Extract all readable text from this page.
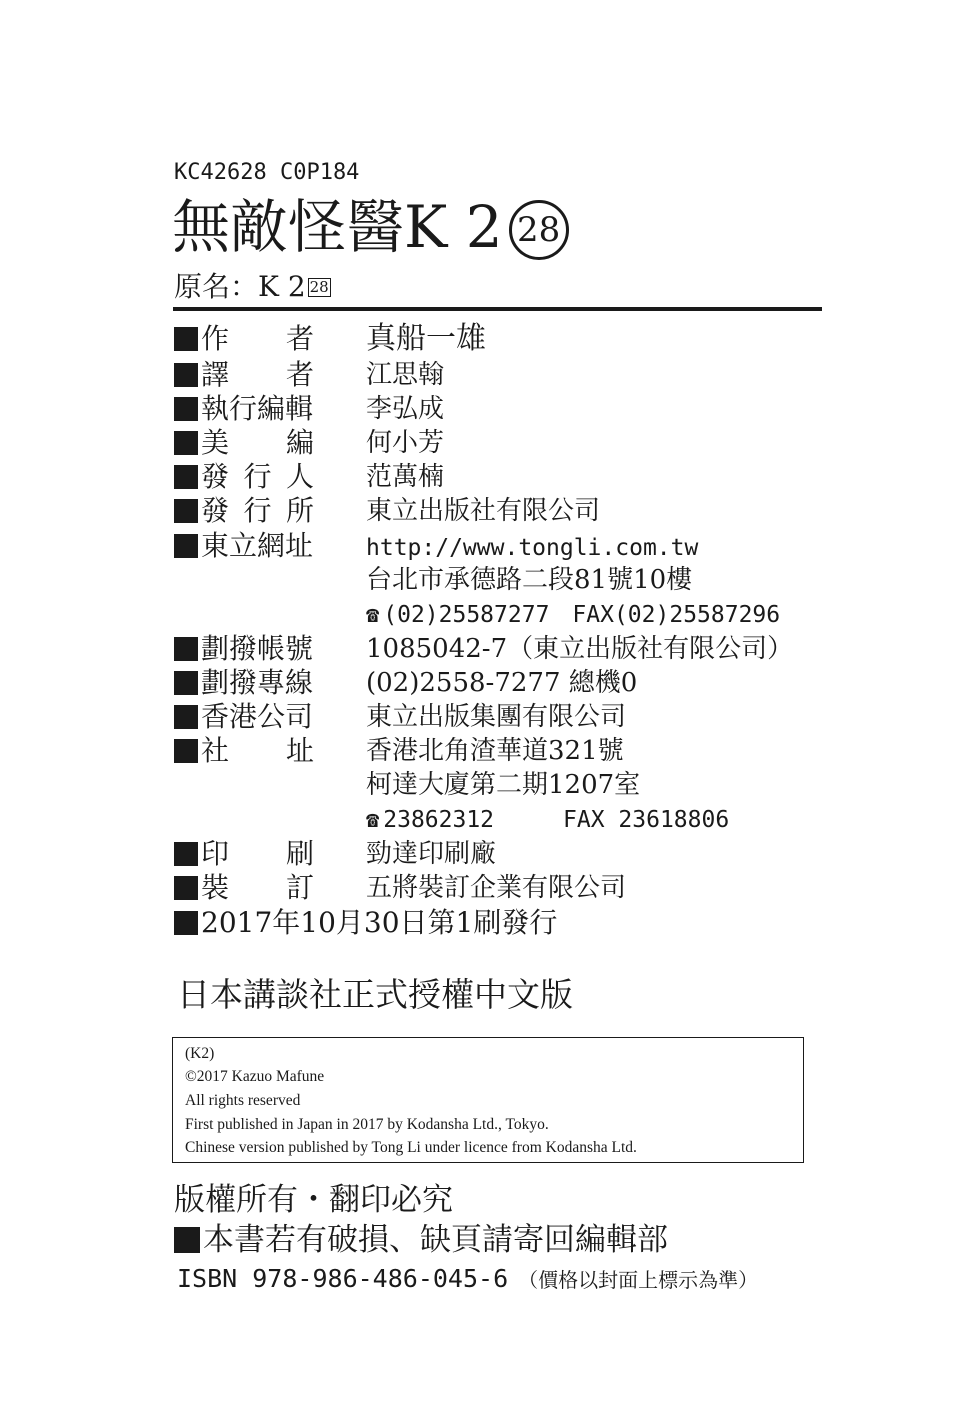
KC42628 C0P184
無敵怪醫K 2 28
原名：K 2 28
作 者 真船一雄
譯 者 江思翰
執行編輯 李弘成
美 編 何小芳
發 行 人 范萬楠
發 行 所 東立出版社有限公司
東立網址 http://www.tongli.com.tw
台北市承德路二段81號10樓
☎ (02)25587277　FAX(02)25587296
劃撥帳號 1085042-7（東立出版社有限公司）
劃撥專線 (02)2558-7277 總機0
香港公司 東立出版集團有限公司
社 址 香港北角渣華道321號
柯達大廈第二期1207室
☎ 23862312　　　FAX 23618806
印 刷 勁達印刷廠
裝 訂 五將裝訂企業有限公司
2017年10月30日第1刷發行
日本講談社正式授權中文版
(K2)
©2017 Kazuo Mafune
All rights reserved
First published in Japan in 2017 by Kodansha Ltd., Tokyo.
Chinese version published by Tong Li under licence from Kodansha Ltd.
版權所有・翻印必究
本書若有破損、缺頁請寄回編輯部
ISBN 978-986-486-045-6 （價格以封面上標示為準）
